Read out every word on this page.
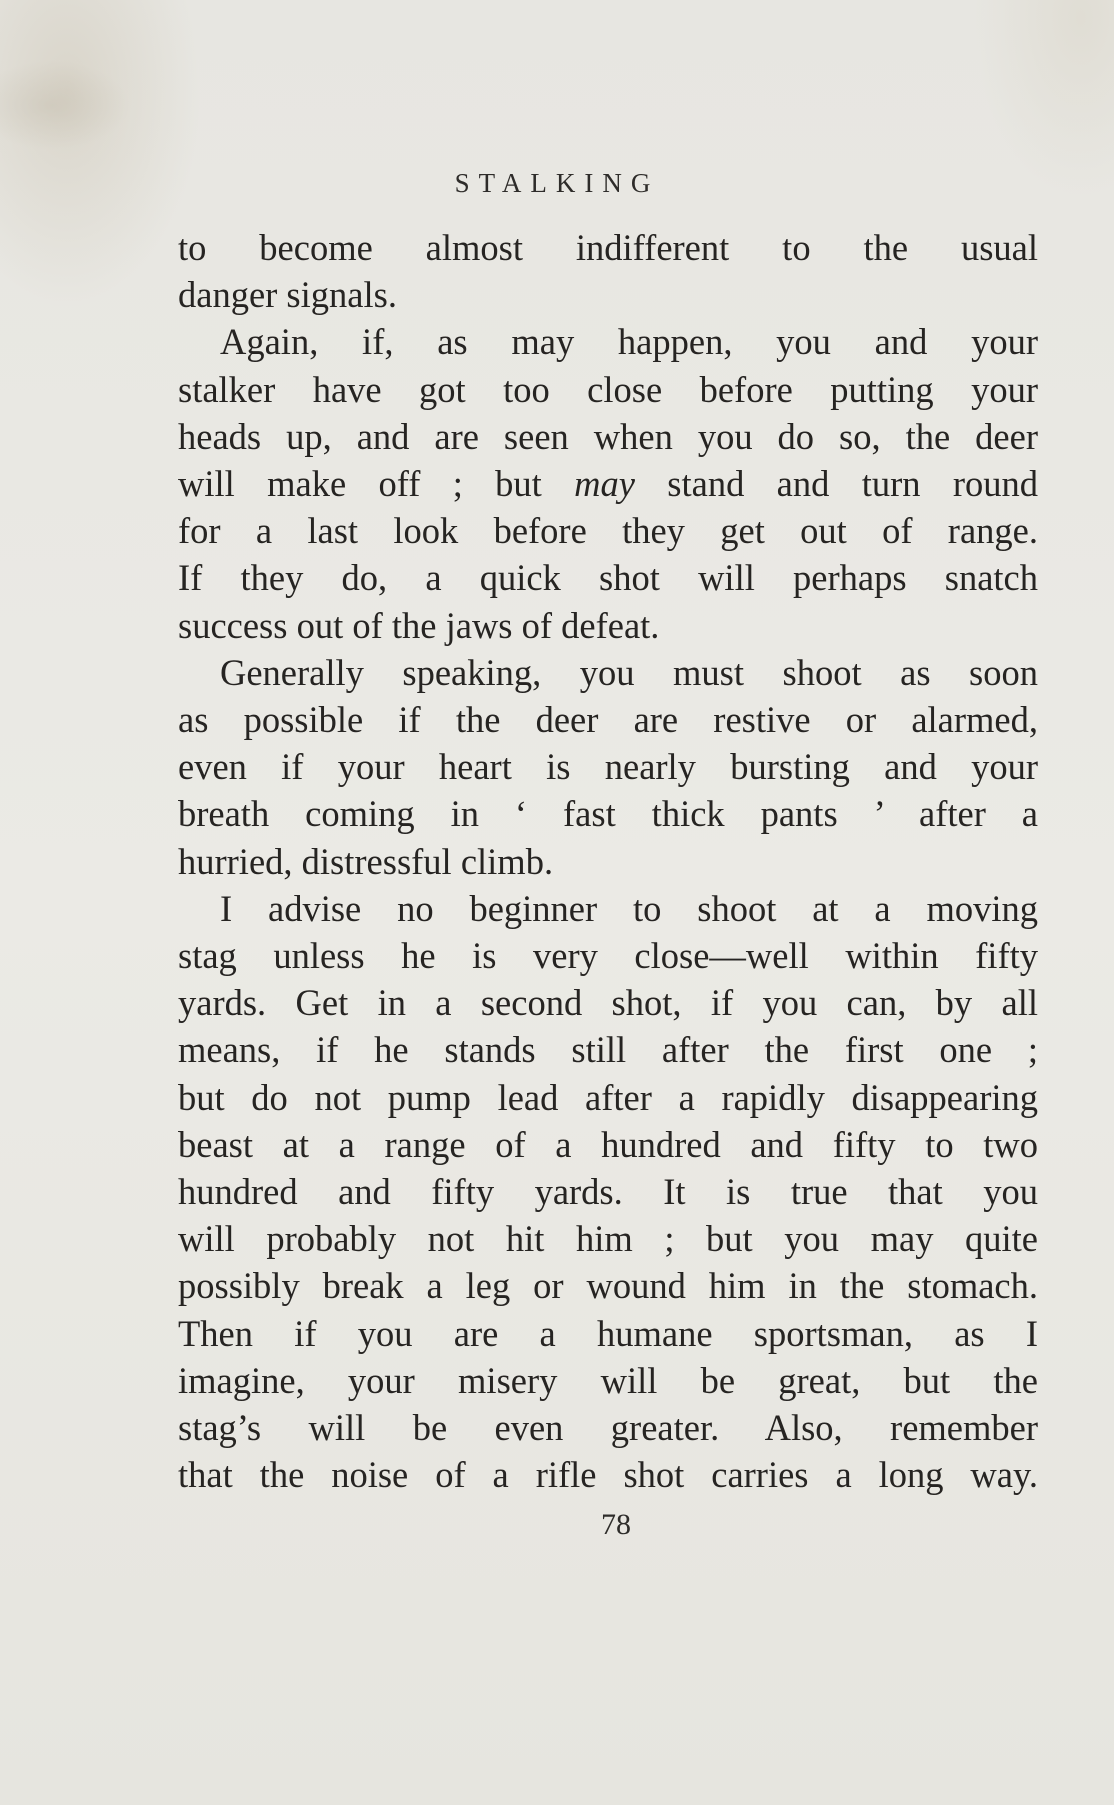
STALKING

to become almost indifferent to the usual
danger signals.
Again, if, as may happen, you and your
stalker have got too close before putting your
heads up, and are seen when you do so, the deer
will make off ; but may stand and turn round
for a last look before they get out of range.
If they do, a quick shot will perhaps snatch
success out of the jaws of defeat.
Generally speaking, you must shoot as soon
as possible if the deer are restive or alarmed,
even if your heart is nearly bursting and your
breath coming in ‘ fast thick pants ’ after a
hurried, distressful climb.
I advise no beginner to shoot at a moving
stag unless he is very close—well within fifty
yards. Get in a second shot, if you can, by all
means, if he stands still after the first one ;
but do not pump lead after a rapidly disappearing
beast at a range of a hundred and fifty to two
hundred and fifty yards. It is true that you
will probably not hit him ; but you may quite
possibly break a leg or wound him in the stomach.
Then if you are a humane sportsman, as I
imagine, your misery will be great, but the
stag’s will be even greater. Also, remember
that the noise of a rifle shot carries a long way.

78
